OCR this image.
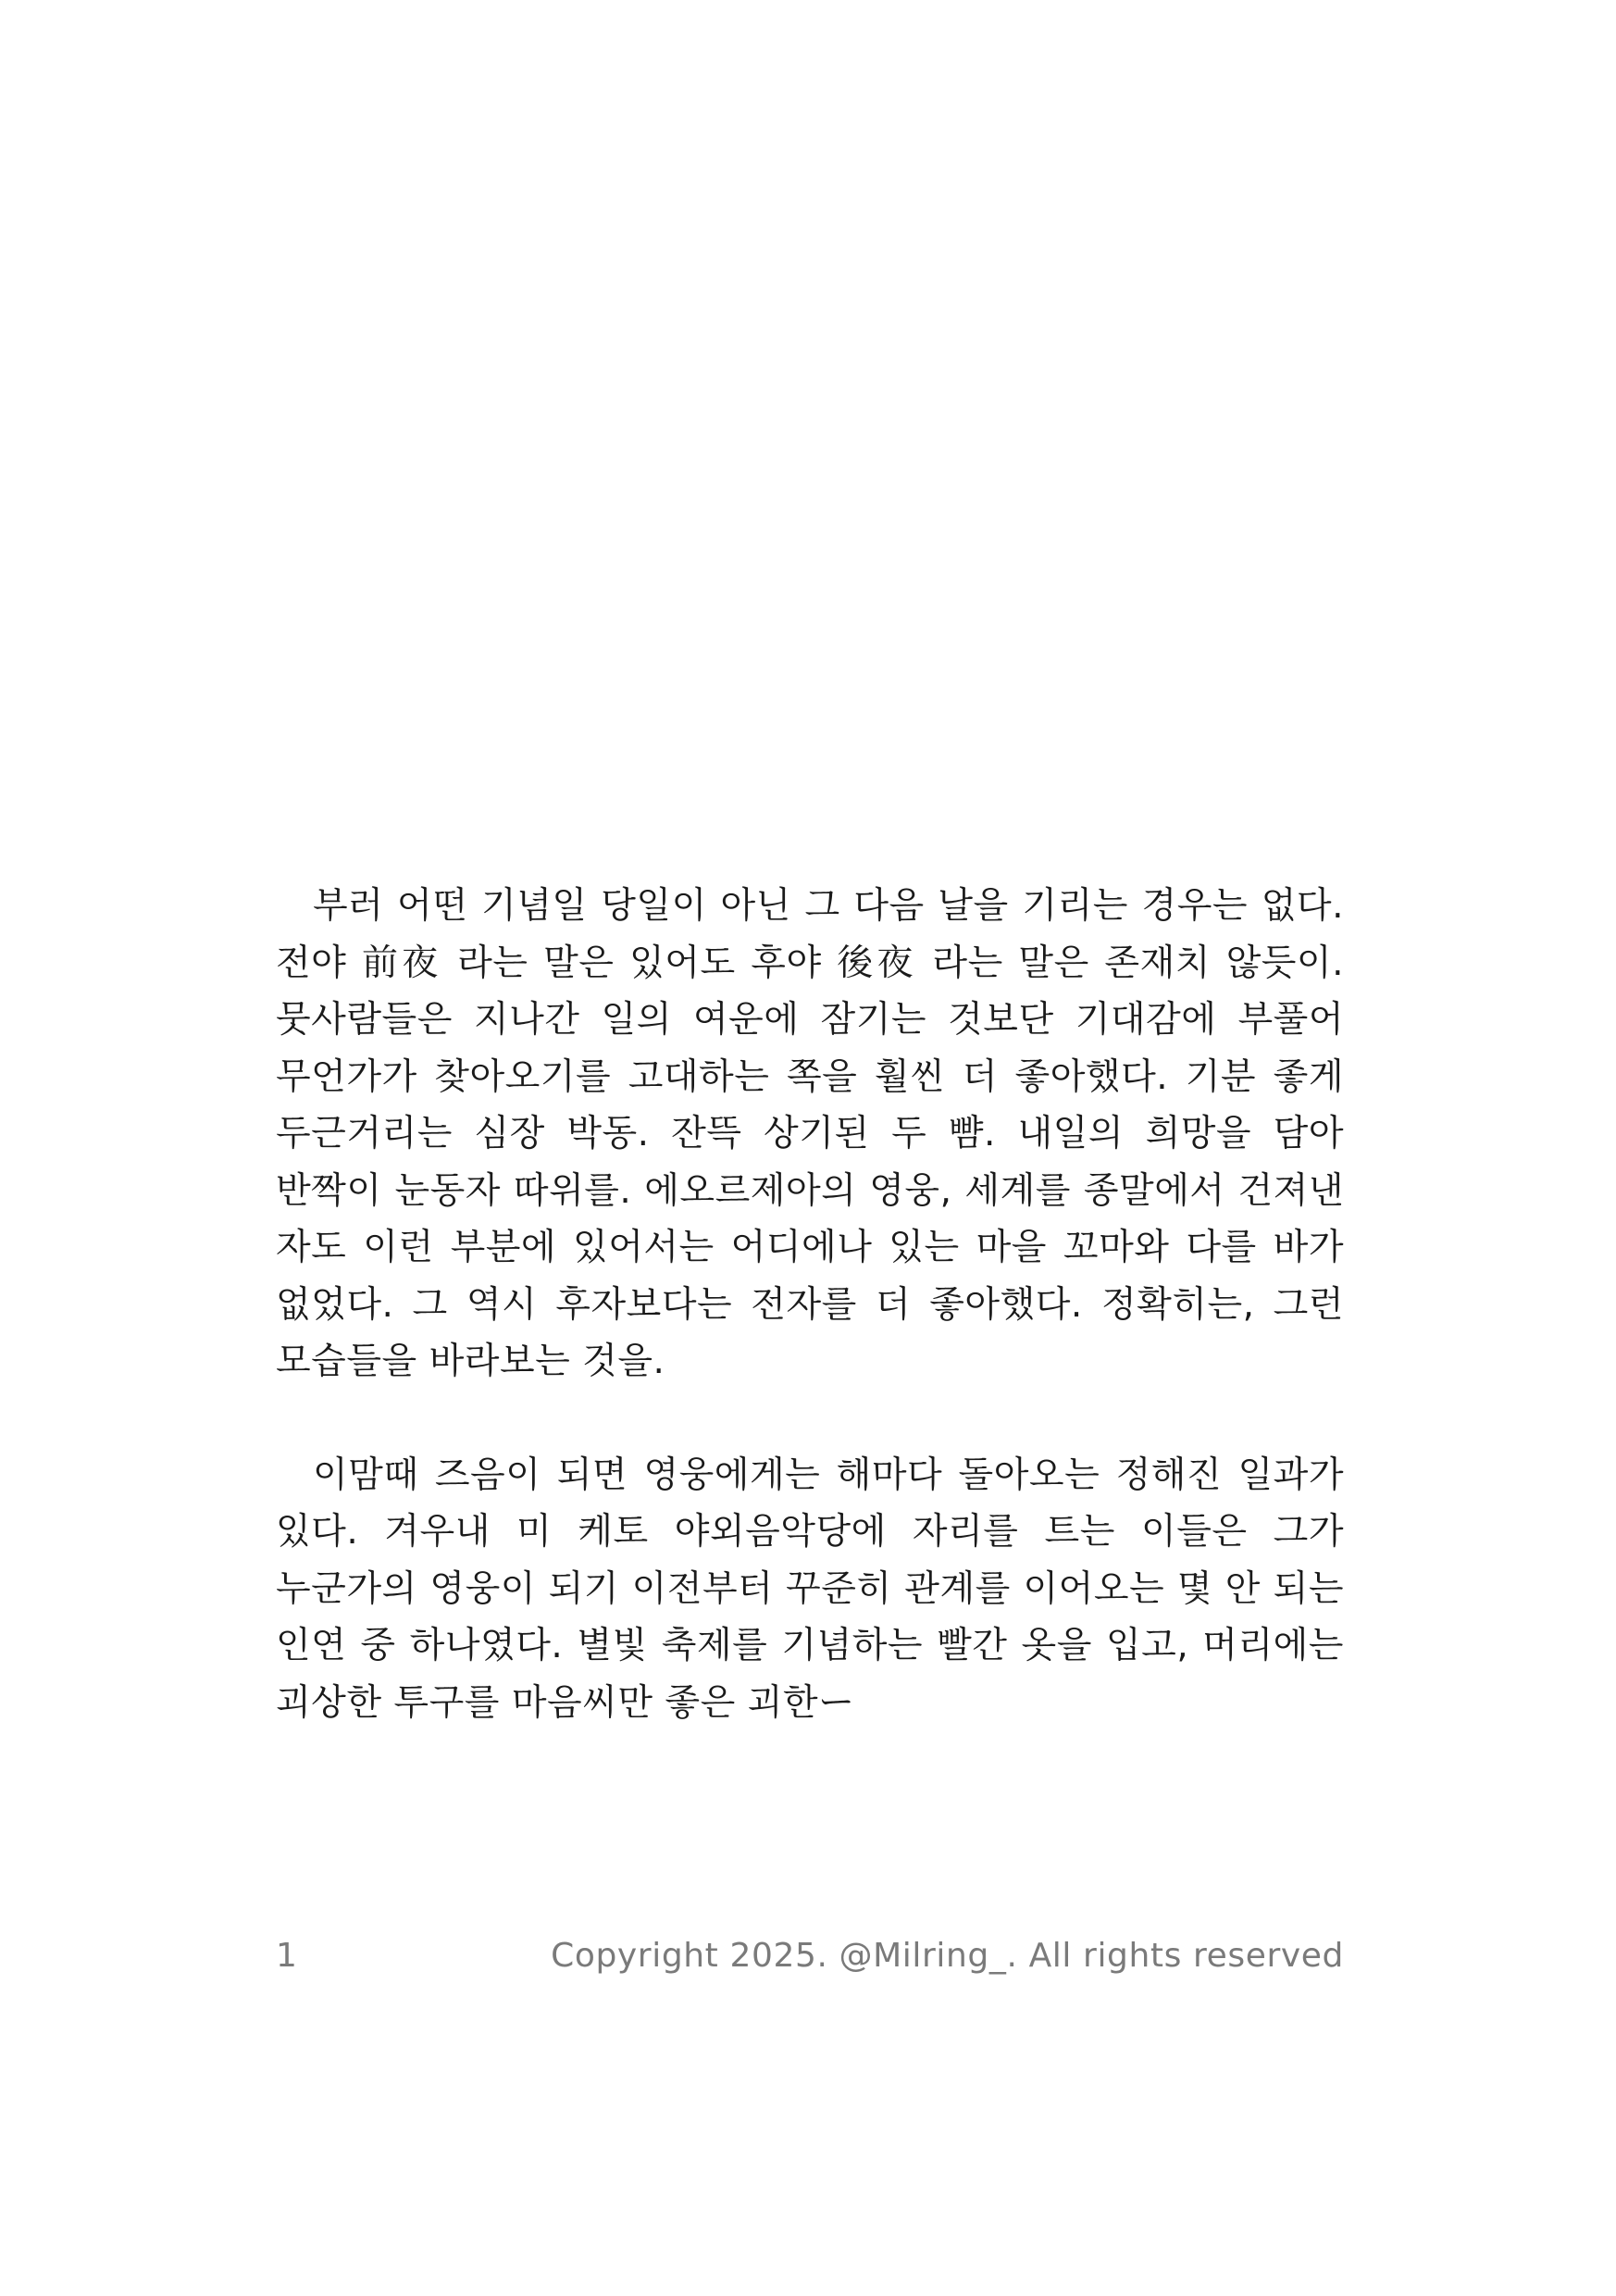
부러 어떤 기념일 당일이 아닌 그 다음 날을 기리는 경우는 없다. 전야 前夜 라는 말은 있어도 후야 後夜 라는 말은 존재치 않듯이. 뭇사람들은 지나간 일의 여운에 잠기는 것보단 기대감에 부풀어 무언가가 찾아오기를 고대하는 쪽을 훨씬 더 좋아했다. 기분 좋게 두근거리는 심장 박동. 잔뜩 상기된 두 뺨. 내일의 희망을 담아 반짝이 눈동자 따위를. 에오르제아의 영웅, 세계를 종말에서 건져낸 자도 이런 부분에 있어서는 어디에나 있는 마을 꼬마와 다를 바가 없었다. 그 역시 후자보다는 전자를 더 좋아했다. 정확히는, 그런 모습들을 바라보는 것을.

이맘때 즈음이 되면 영웅에게는 해마다 돌아오는 정해진 일과가 있다. 겨우내 미 케토 야외음악당에 자리를 트는 이들은 그가 누군가의 영웅이 되기 이전부터 꾸준히 관계를 이어오는 몇 안 되는 인연 중 하나였다. 별빛 축제를 기념하는 빨간 옷을 입고, 머리에는 괴상한 투구를 마음씨만 좋은 괴한ー

1	Copyright 2025. @Milring_. All rights reserved
